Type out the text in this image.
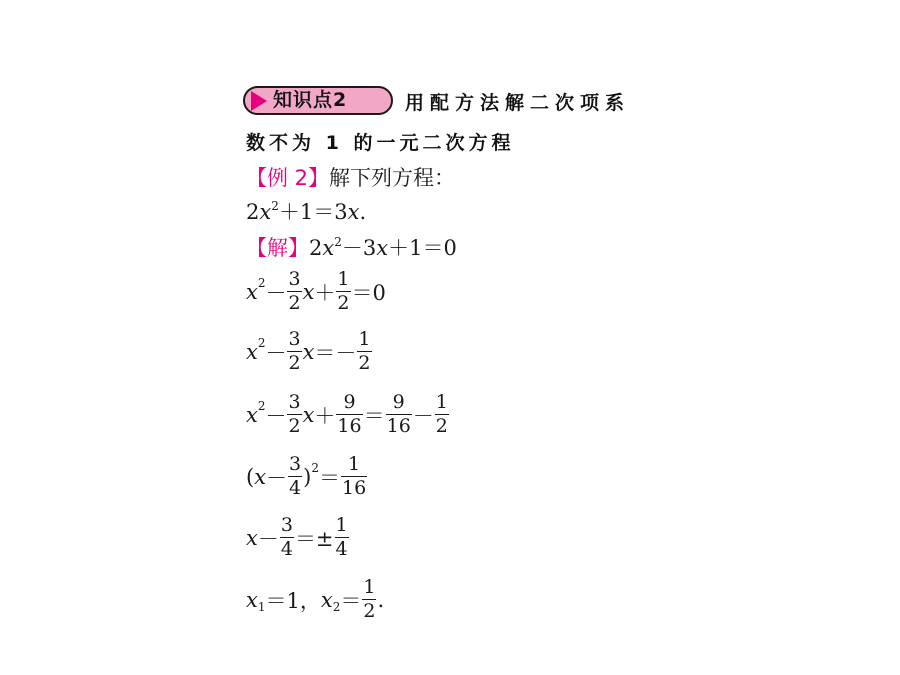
知识点2	用配方法解二次项系
数不为 1 的一元二次方程
【例 2】 解下列方程：
$2x^2+1=3x$.
【解】 $2x^2-3x+1=0$
x $2 - \frac{3}{2}$ $x + \frac{1}{2} =0$
x $2 - \frac{3}{2}$ $x =- \frac{1}{2}$
x $2 - \frac{3}{2}$ $x + \frac{9}{16} = \frac{9}{16} - \frac{1}{2}$
( $x - \frac{3}{4}$ ) $2 = \frac{1}{16}$
$x - \frac{3}{4} =\pm \frac{1}{4}$
x 1 ＝1， x $2 = \frac{1}{2}$ .
